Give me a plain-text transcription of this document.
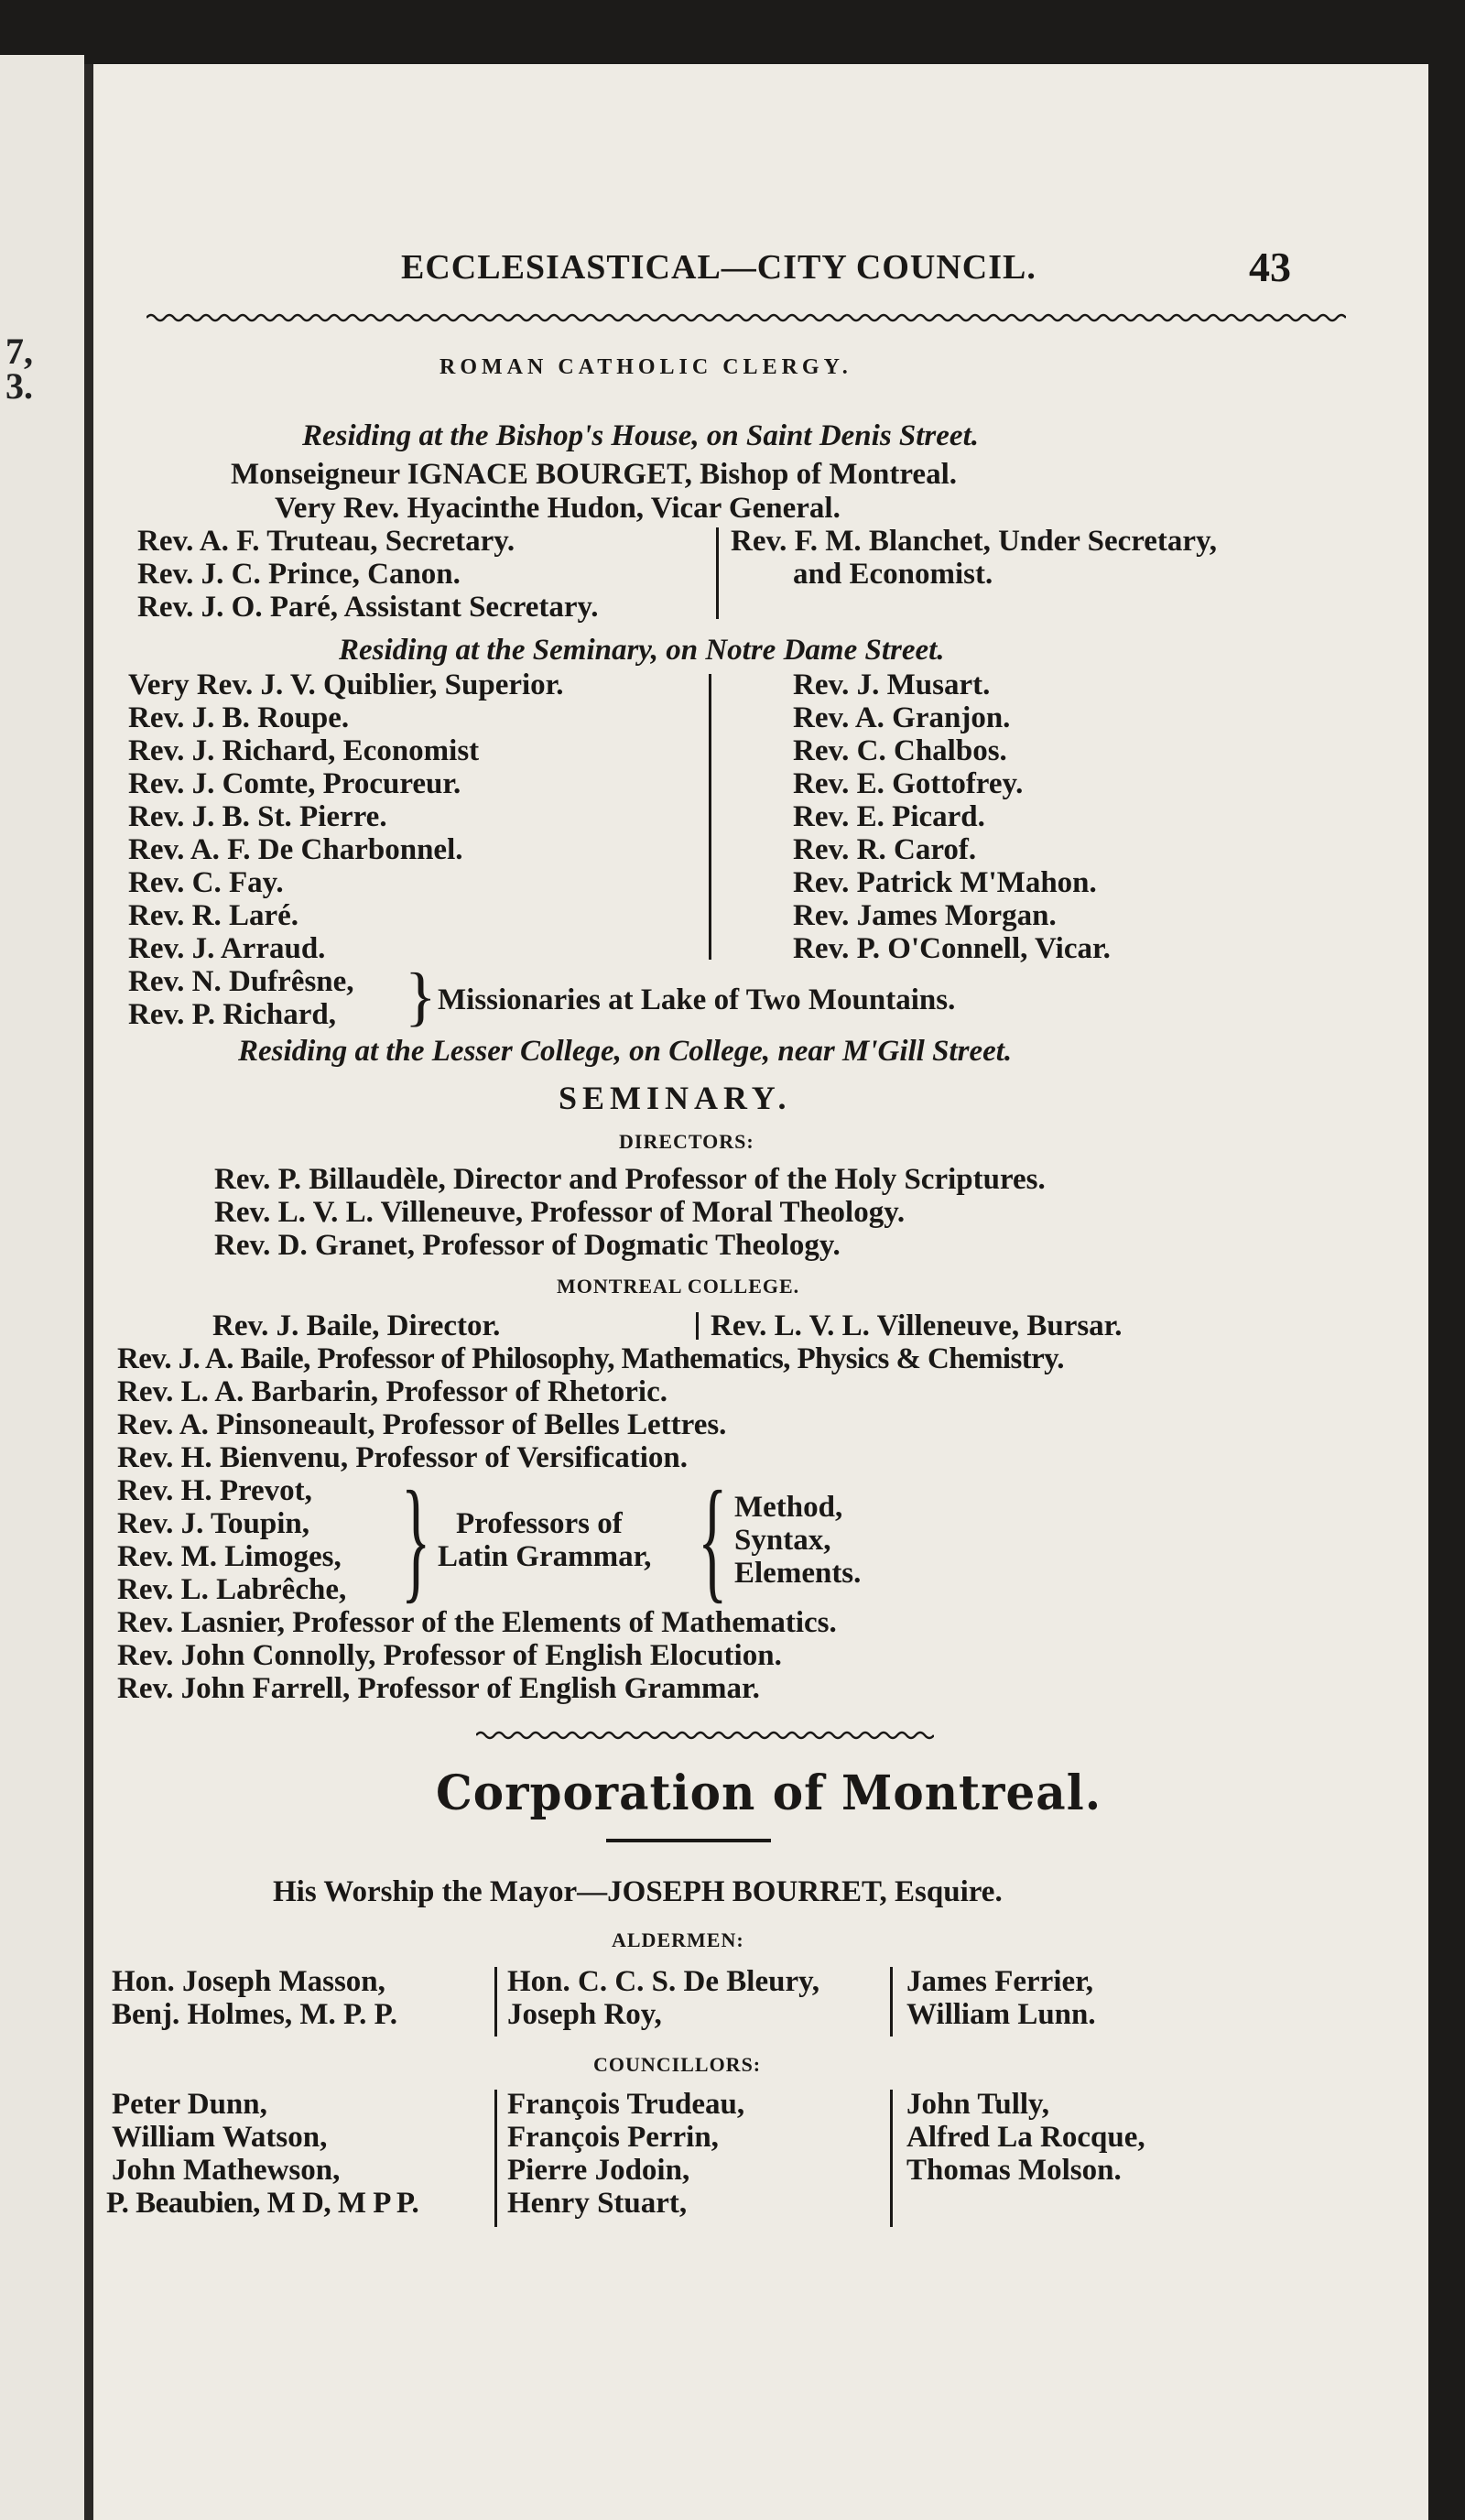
7,
3.
ECCLESIASTICAL—CITY COUNCIL.	43
ROMAN CATHOLIC CLERGY.
Residing at the Bishop's House, on Saint Denis Street.
Monseigneur IGNACE BOURGET, Bishop of Montreal.
Very Rev. Hyacinthe Hudon, Vicar General.
Rev. A. F. Truteau, Secretary.
Rev. J. C. Prince, Canon.
Rev. J. O. Paré, Assistant Secretary.
Rev. F. M. Blanchet, Under Secretary,
and Economist.
Residing at the Seminary, on Notre Dame Street.
Very Rev. J. V. Quiblier, Superior.
Rev. J. B. Roupe.
Rev. J. Richard, Economist
Rev. J. Comte, Procureur.
Rev. J. B. St. Pierre.
Rev. A. F. De Charbonnel.
Rev. C. Fay.
Rev. R. Laré.
Rev. J. Arraud.
Rev. J. Musart.
Rev. A. Granjon.
Rev. C. Chalbos.
Rev. E. Gottofrey.
Rev. E. Picard.
Rev. R. Carof.
Rev. Patrick M'Mahon.
Rev. James Morgan.
Rev. P. O'Connell, Vicar.
Rev. N. Dufrêsne,
Rev. P. Richard, } Missionaries at Lake of Two Mountains.
Residing at the Lesser College, on College, near M'Gill Street.
SEMINARY.
DIRECTORS:
Rev. P. Billaudèle, Director and Professor of the Holy Scriptures.
Rev. L. V. L. Villeneuve, Professor of Moral Theology.
Rev. D. Granet, Professor of Dogmatic Theology.
MONTREAL COLLEGE.
Rev. J. Baile, Director.	Rev. L. V. L. Villeneuve, Bursar.
Rev. J. A. Baile, Professor of Philosophy, Mathematics, Physics & Chemistry.
Rev. L. A. Barbarin, Professor of Rhetoric.
Rev. A. Pinsoneault, Professor of Belles Lettres.
Rev. H. Bienvenu, Professor of Versification.
Rev. H. Prevot,
Rev. J. Toupin,
Rev. M. Limoges,
Rev. L. Labrêche, } Professors of
Latin Grammar, { Method,
Syntax,
Elements.
Rev. Lasnier, Professor of the Elements of Mathematics.
Rev. John Connolly, Professor of English Elocution.
Rev. John Farrell, Professor of English Grammar.
Corporation of Montreal.
His Worship the Mayor—JOSEPH BOURRET, Esquire.
ALDERMEN:
Hon. Joseph Masson,
Benj. Holmes, M. P. P.
Hon. C. C. S. De Bleury,
Joseph Roy,
James Ferrier,
William Lunn.
COUNCILLORS:
Peter Dunn,
William Watson,
John Mathewson,
P. Beaubien, M D, M P P.
François Trudeau,
François Perrin,
Pierre Jodoin,
Henry Stuart,
John Tully,
Alfred La Rocque,
Thomas Molson.
